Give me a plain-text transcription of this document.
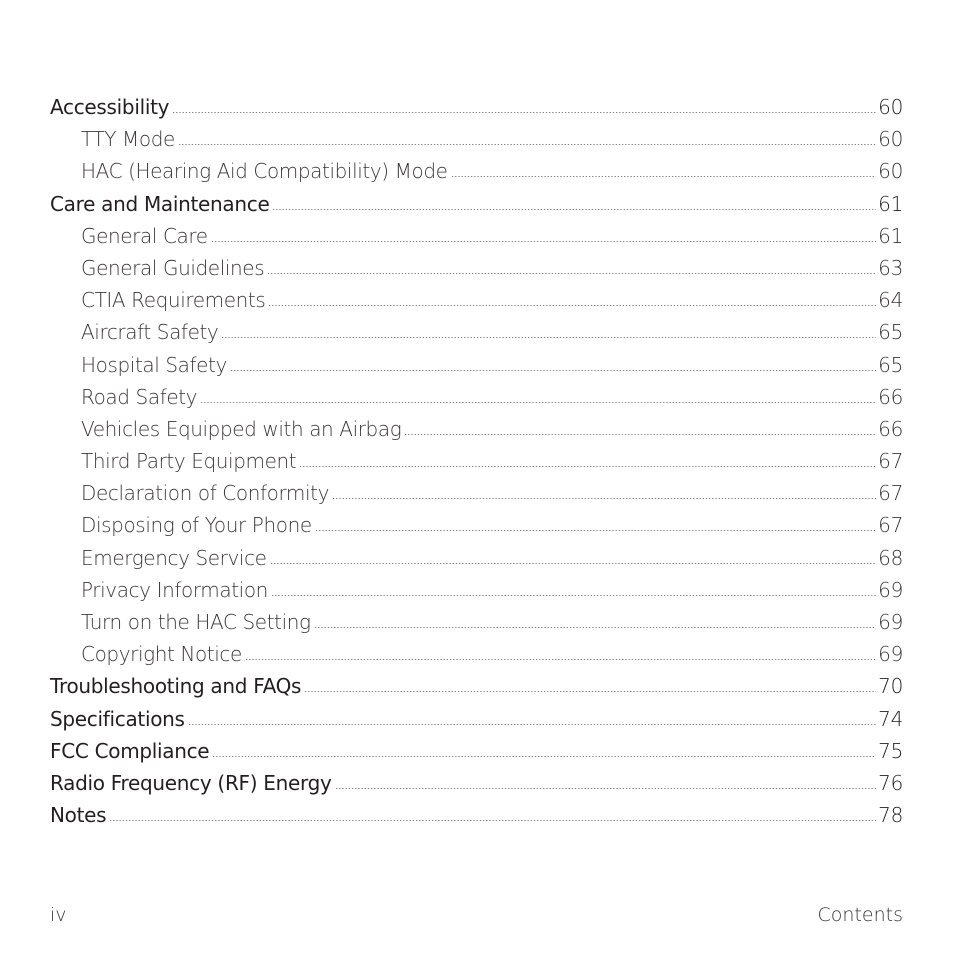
Accessibility	60
TTY Mode	60
HAC (Hearing Aid Compatibility) Mode	60
Care and Maintenance	61
General Care	61
General Guidelines	63
CTIA Requirements	64
Aircraft Safety	65
Hospital Safety	65
Road Safety	66
Vehicles Equipped with an Airbag	66
Third Party Equipment	67
Declaration of Conformity	67
Disposing of Your Phone	67
Emergency Service	68
Privacy Information	69
Turn on the HAC Setting	69
Copyright Notice	69
Troubleshooting and FAQs	70
Specifications	74
FCC Compliance	75
Radio Frequency (RF) Energy	76
Notes	78
iv	Contents
